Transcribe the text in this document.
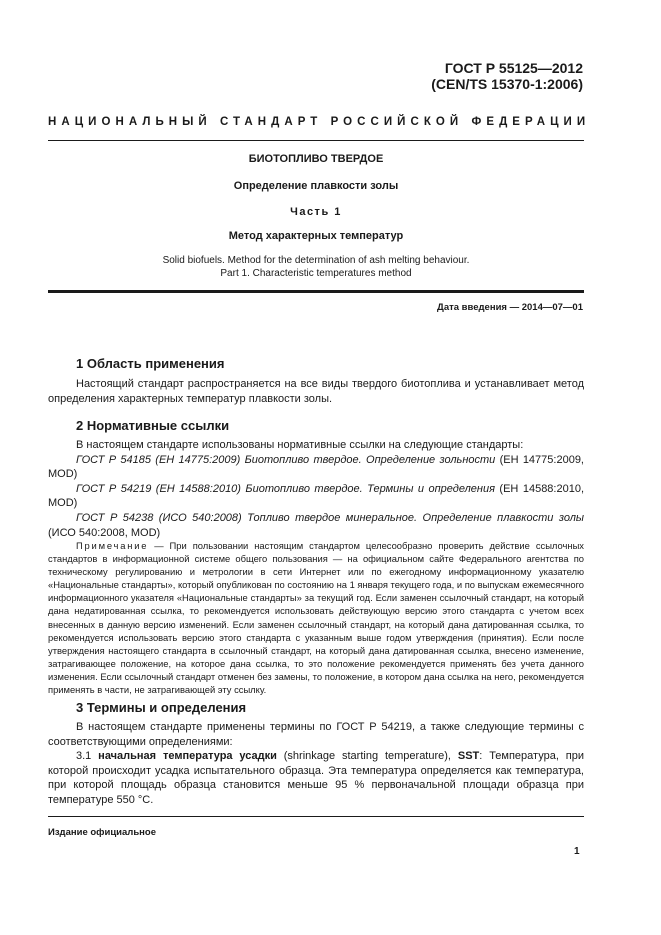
ГОСТ Р 55125—2012
(CEN/TS 15370-1:2006)
НАЦИОНАЛЬНЫЙ СТАНДАРТ РОССИЙСКОЙ ФЕДЕРАЦИИ
БИОТОПЛИВО ТВЕРДОЕ
Определение плавкости золы
Часть 1
Метод характерных температур
Solid biofuels. Method for the determination of ash melting behaviour.
Part 1. Characteristic temperatures method
Дата введения — 2014—07—01
1 Область применения
Настоящий стандарт распространяется на все виды твердого биотоплива и устанавливает метод определения характерных температур плавкости золы.
2 Нормативные ссылки
В настоящем стандарте использованы нормативные ссылки на следующие стандарты:
ГОСТ Р 54185 (ЕН 14775:2009) Биотопливо твердое. Определение зольности (ЕН 14775:2009, MOD)
ГОСТ Р 54219 (ЕН 14588:2010) Биотопливо твердое. Термины и определения (ЕН 14588:2010, MOD)
ГОСТ Р 54238 (ИСО 540:2008) Топливо твердое минеральное. Определение плавкости золы (ИСО 540:2008, MOD)
Примечание — При пользовании настоящим стандартом целесообразно проверить действие ссылочных стандартов в информационной системе общего пользования — на официальном сайте Федерального агентства по техническому регулированию и метрологии в сети Интернет или по ежегодному информационному указателю «Национальные стандарты», который опубликован по состоянию на 1 января текущего года, и по выпускам ежемесячного информационного указателя «Национальные стандарты» за текущий год. Если заменен ссылочный стандарт, на который дана недатированная ссылка, то рекомендуется использовать действующую версию этого стандарта с учетом всех внесенных в данную версию изменений. Если заменен ссылочный стандарт, на который дана датированная ссылка, то рекомендуется использовать версию этого стандарта с указанным выше годом утверждения (принятия). Если после утверждения настоящего стандарта в ссылочный стандарт, на который дана датированная ссылка, внесено изменение, затрагивающее положение, на которое дана ссылка, то это положение рекомендуется применять без учета данного изменения. Если ссылочный стандарт отменен без замены, то положение, в котором дана ссылка на него, рекомендуется применять в части, не затрагивающей эту ссылку.
3 Термины и определения
В настоящем стандарте применены термины по ГОСТ Р 54219, а также следующие термины с соответствующими определениями:
3.1 начальная температура усадки (shrinkage starting temperature), SST: Температура, при которой происходит усадка испытательного образца. Эта температура определяется как температура, при которой площадь образца становится меньше 95 % первоначальной площади образца при температуре 550 °C.
Издание официальное
1
